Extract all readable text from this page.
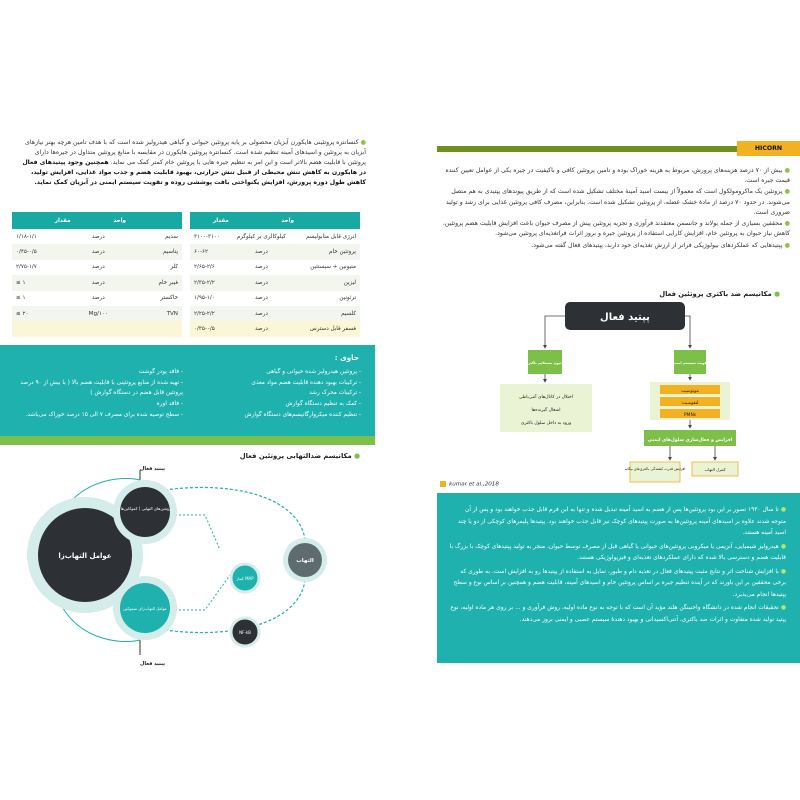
● کنسانتره پروتئینی هایکورن آبزیان محصولی بر پایه پروتئین حیوانی و گیاهی هیدرولیز شده است که با هدف تامین هرچه بهتر نیازهای آبزیان به پروتئین و اسیدهای آمینه تنظیم شده است. کنسانتره پروتئین هایکورن در مقایسه با منابع پروتئین متداول در جیره‌ها دارای پروتئین با قابلیت هضم بالاتر است و این امر به تنظیم جیره هایی با پروتئین خام کمتر کمک می نماید. همچنین وجود پپتیدهای فعال در هایکورن به کاهش تنش محیطی از قبیل تنش حرارتی، بهبود قابلیت هضم و جذب مواد غذایی، افزایش تولید، کاهش طول دوره پرورش، افزایش یکنواختی بافت پوششی روده و تقویت سیستم ایمنی در آبزیان کمک نماید.
	واحد	مقدار
انرژی قابل متابولیسم	کیلوکالری بر کیلوگرم	۳۱۰۰-۳۱۰۰
پروتئین خام	درصد	۶۰-۶۲
متیونین + سیستئین	درصد	۲/۶۵-۲/۶
لیزین	درصد	۲/۳۵-۲/۲
ترئونین	درصد	۱/۹۵-۱/۰
کلسیم	درصد	۲/۲۵-۲/۲
فسفر قابل دسترس	درصد	۰/۳۵-۰/۵
	واحد	مقدار
سدیم	درصد	۱/۱۸-۱/۱
پتاسیم	درصد	۰/۴۵-۰/۵
کلر	درصد	۲/۷۵-۱/۷
فیبر خام	درصد	۱ ≥
خاکستر	درصد	۱ ≥
TVN	Mg/۱۰۰	۲۰ ≥

حاوی :
- پروتئین هیدرولیز شده حیوانی و گیاهی
- ترکیبات بهبود دهنده قابلیت هضم مواد مغذی
- ترکیبات محرک رشد
- کمک به تنظیم دستگاه گوارش
- تنظیم کننده میکروارگانیسم‌های دستگاه گوارش
- فاقد پودر گوشت
- تهیه شده از منابع پروتئینی با قابلیت هضم بالا ( با بیش از ۹۰ درصد پروتئین قابل هضم در دستگاه گوارش )
- فاقد اوره
- سطح توصیه شده برای مصرف ۷ الی ۱۵ درصد خوراک می‌باشد.
● مکانیسم ضدالتهابی پروتئین فعال
عوامل التهاب‌زا
پروتئین‌های التهابی ( کموکاین‌ها )
عوامل التهاب‌زای سیتوکین
التهاب
کیناز MAP
NF-kB
پپتید فعال
پپتید فعال
HICORN

● بیش از ۷۰ درصد هزینه‌های پرورش، مربوط به هزینه خوراک بوده و تامین پروتئین کافی و باکیفیت در جیره یکی از عوامل تعیین کننده قیمت جیره است.

● پروتئین یک ماکرومولکول است که معمولاً از بیست اسید آمینهٔ مختلف تشکیل شده است که از طریق پیوندهای پپتیدی به هم متصل می‌شوند. در حدود ۷۰ درصد از مادهٔ خشک عضله، از پروتئین تشکیل شده است. بنابراین، مصرف کافی پروتئین غذایی برای رشد و تولید ضروری است.

● محققین بسیاری از جمله بولاند و جانسمن معتقدند فرآوری و تجزیه پروتئین پیش از مصرف حیوان باعث افزایش قابلیت هضم پروتئین، کاهش نیاز حیوان به پروتئین خام، افزایش کارایی استفاده از پروتئین جیره و بروز اثرات فراتغذیه‌ای پروتئین می‌شود.

● پپتیدهایی که عملکردهای بیولوژیکی فراتر از ارزش تغذیه‌ای خود دارند، پپتیدهای فعال گفته می‌شود.

● مکانیسم ضد باکتری پروتئین فعال
پپتید فعال
کاتیون مستقیم باکتری
اختلال در کانال‌های آنتی‌باطی
اشغال گیرنده‌ها
ورود به داخل سلول باکتری
تقویت سیستم ایمنی
مونوسیت
لنفوسیت
PMNs
افزایش و فعال‌سازی سلول‌های ایمنی
افزایش قدرت کشندگی باکتری‌های بیگانه	کنترل التهاب
kumar et al.,2018

● تا سال ۱۹۳۰ تصور بر این بود پروتئین‌ها پس از هضم به اسید آمینه تبدیل شده و تنها به این فرم قابل جذب خواهند بود و پس از آن متوجه شدند علاوه بر اسیدهای آمینه پروتئین‌ها به صورت پپتیدهای کوچک نیز قابل جذب خواهند بود. پپتیدها پلیمرهای کوچکی از دو یا چند اسید آمینه هستند.

● هیدرولیز شیمیایی، آنزیمی یا میکروبی پروتئین‌های حیوانی یا گیاهی قبل از مصرف توسط حیوان، منجر به تولید پپتیدهای کوچک با بزرگ با قابلیت هضم و دسترسی بالا شده که دارای عملکردهای تغذیه‌ای و فیزیولوژیکی هستند.

● با افزایش شناخت اثر و نتایج مثبت پپتیدهای فعال در تغذیه دام و طیور، تمایل به استفاده از پپتیدها رو به افزایش است. به طوری که برخی محققین بر این باورند که در آینده تنظیم جیره بر اساس پروتئین خام و اسیدهای آمینه، قابلیت هضم و همچنین بر اساس نوع و سطح پپتیدها انجام می‌پذیرد.

● تحقیقات انجام شده در دانشگاه واخنینگن هلند مؤید آن است که با توجه به نوع ماده اولیه، روش فرآوری و ... بر روی هر ماده اولیه، نوع پپتید تولید شده متفاوت و اثرات ضد باکتری، آنتی‌اکسیدانی و بهبود دهندهٔ سیستم عصبی و ایمنی بروز می‌دهند.
